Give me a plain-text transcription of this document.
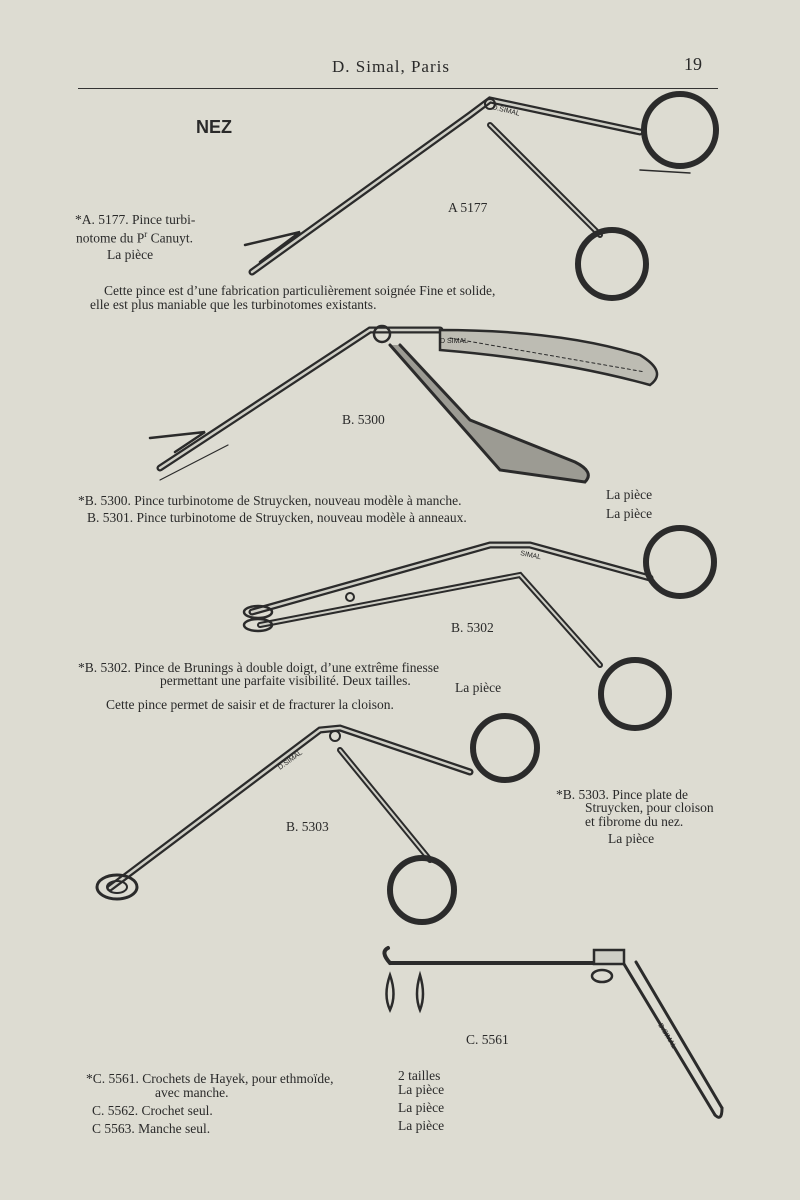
D. Simal, Paris	19
NEZ
D.SIMAL
D SIMAL
SIMAL
D.SIMAL
D.SIMAL
A 5177
*A. 5177. Pince turbi-
notome du $P^r$ Canuyt.
La pièce
Cette pince est d’une fabrication particulièrement soignée Fine et solide,
elle est plus maniable que les turbinotomes existants.
B. 5300
*B. 5300. Pince turbinotome de Struycken, nouveau modèle à manche.
B. 5301. Pince turbinotome de Struycken, nouveau modèle à anneaux.
La pièce
La pièce
B. 5302
*B. 5302. Pince de Brunings à double doigt, d’une extrême finesse
permettant une parfaite visibilité. Deux tailles.	La pièce
Cette pince permet de saisir et de fracturer la cloison.
B. 5303
*B. 5303. Pince plate de
Struycken, pour cloison
et fibrome du nez.
La pièce
C. 5561
*C. 5561. Crochets de Hayek, pour ethmoïde,	2 tailles
avec manche.	La pièce
C. 5562. Crochet seul.	La pièce
C 5563. Manche seul.	La pièce
